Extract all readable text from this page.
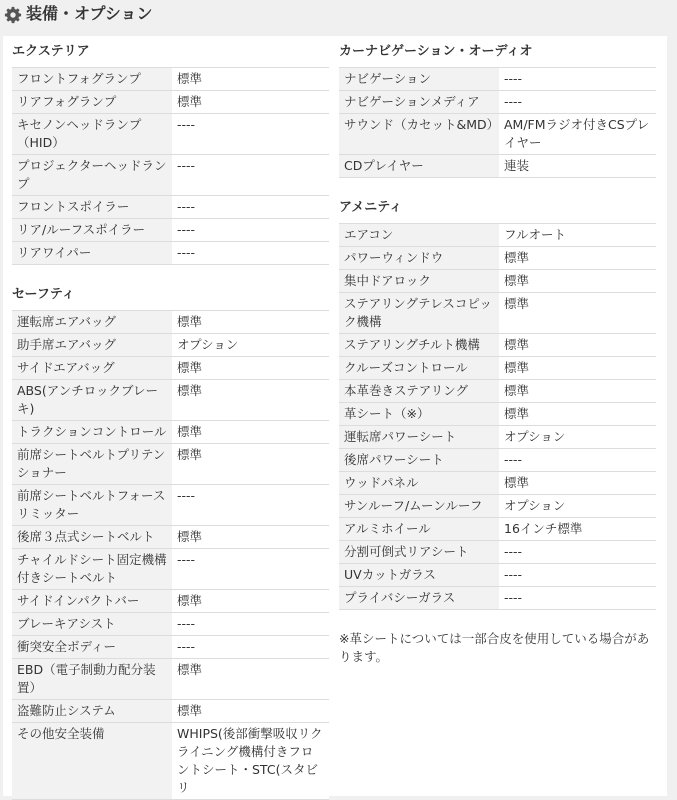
装備・オプション
エクステリア
フロントフォグランプ	標準
リアフォグランプ	標準
キセノンヘッドランプ（HID）	----
プロジェクターヘッドランプ	----
フロントスポイラー	----
リア/ルーフスポイラー	----
リアワイパー	----
セーフティ
運転席エアバッグ	標準
助手席エアバッグ	オプション
サイドエアバッグ	標準
ABS(アンチロックブレーキ)	標準
トラクションコントロール	標準
前席シートベルトプリテンショナー	標準
前席シートベルトフォースリミッター	----
後席３点式シートベルト	標準
チャイルドシート固定機構付きシートベルト	----
サイドインパクトバー	標準
ブレーキアシスト	----
衝突安全ボディー	----
EBD（電子制動力配分装置）	標準
盗難防止システム	標準
その他安全装備	WHIPS(後部衝撃吸収リクライニング機構付きフロントシート・STC(スタビリ
カーナビゲーション・オーディオ
ナビゲーション	----
ナビゲーションメディア	----
サウンド（カセット&MD）	AM/FMラジオ付きCSプレイヤー
CDプレイヤー	連装
アメニティ
エアコン	フルオート
パワーウィンドウ	標準
集中ドアロック	標準
ステアリングテレスコピック機構	標準
ステアリングチルト機構	標準
クルーズコントロール	標準
本革巻きステアリング	標準
革シート（※）	標準
運転席パワーシート	オプション
後席パワーシート	----
ウッドパネル	標準
サンルーフ/ムーンルーフ	オプション
アルミホイール	16インチ標準
分割可倒式リアシート	----
UVカットガラス	----
プライバシーガラス	----
※革シートについては一部合皮を使用している場合があります。
